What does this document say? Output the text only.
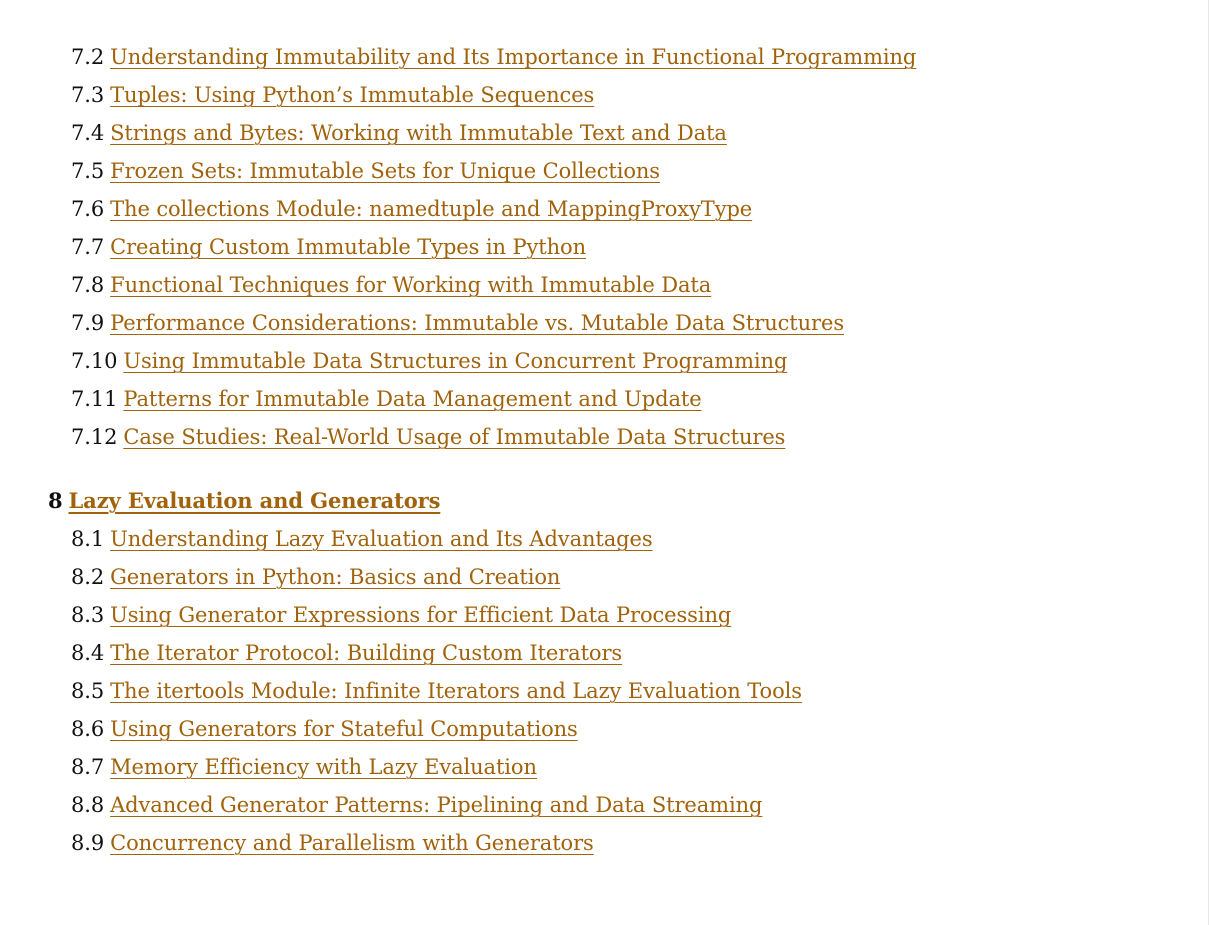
7.2 Understanding Immutability and Its Importance in Functional Programming
7.3 Tuples: Using Python’s Immutable Sequences
7.4 Strings and Bytes: Working with Immutable Text and Data
7.5 Frozen Sets: Immutable Sets for Unique Collections
7.6 The collections Module: namedtuple and MappingProxyType
7.7 Creating Custom Immutable Types in Python
7.8 Functional Techniques for Working with Immutable Data
7.9 Performance Considerations: Immutable vs. Mutable Data Structures
7.10 Using Immutable Data Structures in Concurrent Programming
7.11 Patterns for Immutable Data Management and Update
7.12 Case Studies: Real-World Usage of Immutable Data Structures
8 Lazy Evaluation and Generators
8.1 Understanding Lazy Evaluation and Its Advantages
8.2 Generators in Python: Basics and Creation
8.3 Using Generator Expressions for Efficient Data Processing
8.4 The Iterator Protocol: Building Custom Iterators
8.5 The itertools Module: Infinite Iterators and Lazy Evaluation Tools
8.6 Using Generators for Stateful Computations
8.7 Memory Efficiency with Lazy Evaluation
8.8 Advanced Generator Patterns: Pipelining and Data Streaming
8.9 Concurrency and Parallelism with Generators
